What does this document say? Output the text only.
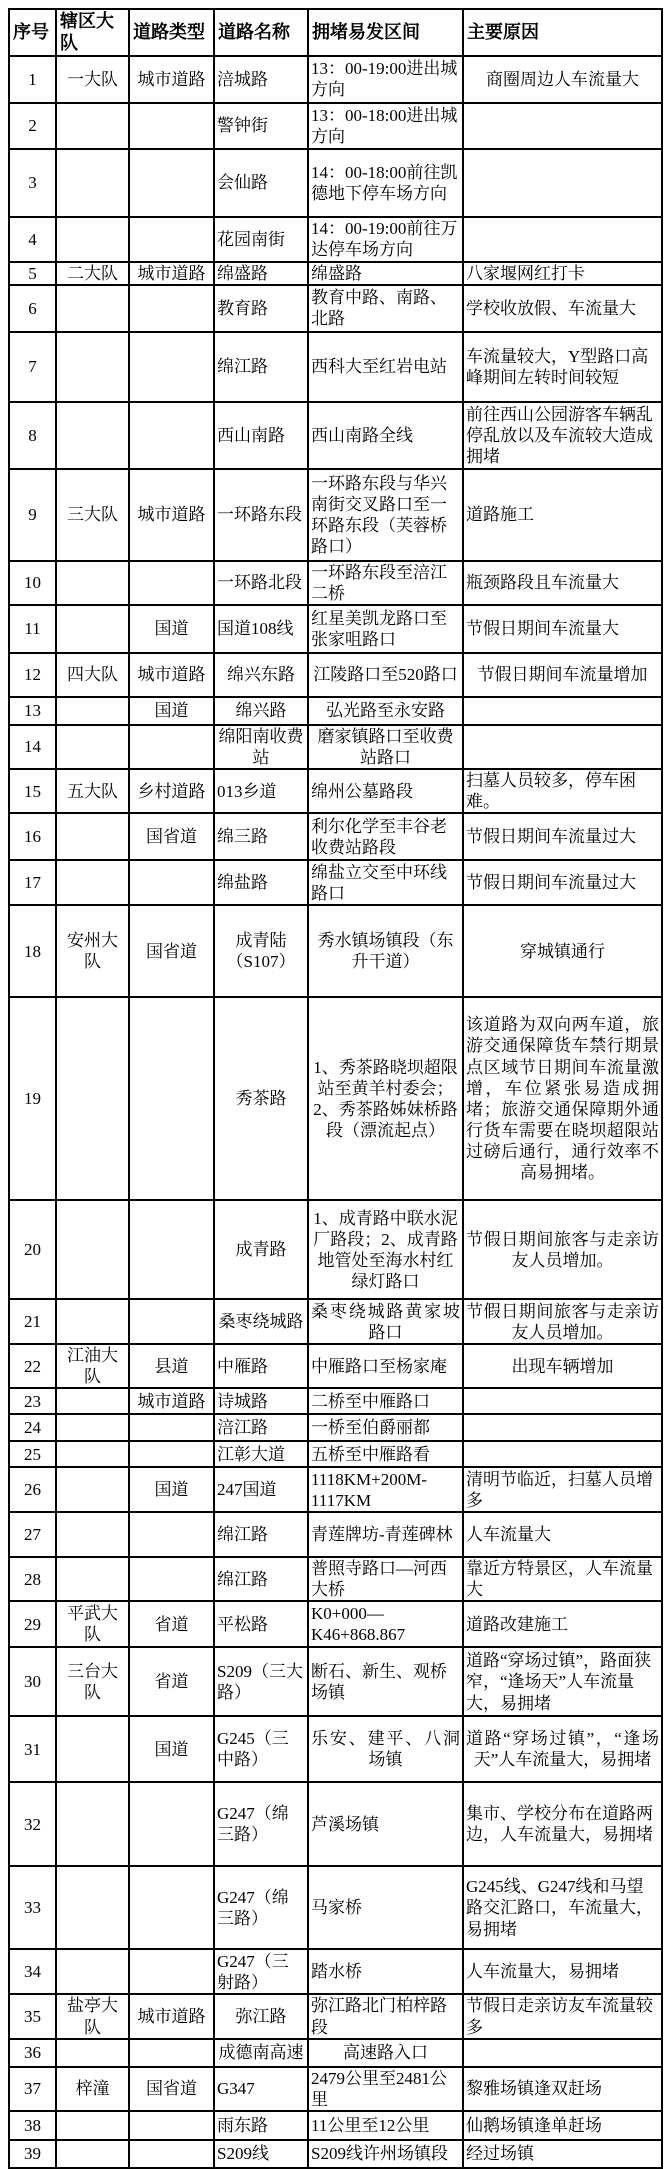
序号	辖区大队	道路类型	道路名称	拥堵易发区间	主要原因
1	一大队	城市道路	涪城路	13：00-19:00进出城方向	商圈周边人车流量大
2			警钟街	13：00-18:00进出城方向	
3			会仙路	14：00-18:00前往凯德地下停车场方向	
4			花园南街	14：00-19:00前往万达停车场方向	
5	二大队	城市道路	绵盛路	绵盛路	八家堰网红打卡
6			教育路	教育中路、南路、北路	学校收放假、车流量大
7			绵江路	西科大至红岩电站	车流量较大，Y型路口高峰期间左转时间较短
8			西山南路	西山南路全线	前往西山公园游客车辆乱停乱放以及车流较大造成拥堵
9	三大队	城市道路	一环路东段	一环路东段与华兴南街交叉路口至一环路东段（芙蓉桥路口）	道路施工
10			一环路北段	一环路东段至涪江二桥	瓶颈路段且车流量大
11		国道	国道108线	红星美凯龙路口至张家咀路口	节假日期间车流量大
12	四大队	城市道路	绵兴东路	江陵路口至520路口	节假日期间车流量增加
13		国道	绵兴路	弘光路至永安路	
14			绵阳南收费站	磨家镇路口至收费站路口	
15	五大队	乡村道路	013乡道	绵州公墓路段	扫墓人员较多，停车困难。
16		国省道	绵三路	利尔化学至丰谷老收费站路段	节假日期间车流量过大
17			绵盐路	绵盐立交至中环线路口	节假日期间车流量过大
18	安州大队	国省道	成青陆（S107）	秀水镇场镇段（东升干道）	穿城镇通行
19			秀茶路	1、秀茶路晓坝超限站至黄羊村委会；2、秀茶路姊妹桥路段（漂流起点）	该道路为双向两车道，旅游交通保障货车禁行期景点区域节日期间车流量激增，车位紧张易造成拥堵；旅游交通保障期外通行货车需要在晓坝超限站过磅后通行，通行效率不高易拥堵。
20			成青路	1、成青路中联水泥厂路段；2、成青路地管处至海水村红绿灯路口	节假日期间旅客与走亲访友人员增加。
21			桑枣绕城路	桑枣绕城路黄家坡路口	节假日期间旅客与走亲访友人员增加。
22	江油大队	县道	中雁路	中雁路口至杨家庵	出现车辆增加
23		城市道路	诗城路	二桥至中雁路口	
24			涪江路	一桥至伯爵丽都	
25			江彰大道	五桥至中雁路看	
26		国道	247国道	1118KM+200M-1117KM	清明节临近，扫墓人员增多
27			绵江路	青莲牌坊-青莲碑林	人车流量大
28			绵江路	普照寺路口—河西大桥	靠近方特景区，人车流量大
29	平武大队	省道	平松路	K0+000—K46+868.867	道路改建施工
30	三台大队	省道	S209（三大路）	断石、新生、观桥场镇	道路“穿场过镇”，路面狭窄，“逢场天”人车流量大，易拥堵
31		国道	G245（三中路）	乐安、建平、八洞场镇	道路“穿场过镇”，“逢场天”人车流量大，易拥堵
32			G247（绵三路）	芦溪场镇	集市、学校分布在道路两边，人车流量大，易拥堵
33			G247（绵三路）	马家桥	G245线、G247线和马望路交汇路口，车流量大，易拥堵
34			G247（三射路）	踏水桥	人车流量大，易拥堵
35	盐亭大队	城市道路	弥江路	弥江路北门柏梓路段	节假日走亲访友车流量较多
36			成德南高速	高速路入口	
37	梓潼	国省道	G347	2479公里至2481公里	黎雅场镇逢双赶场
38			雨东路	11公里至12公里	仙鹅场镇逢单赶场
39			S209线	S209线许州场镇段	经过场镇
